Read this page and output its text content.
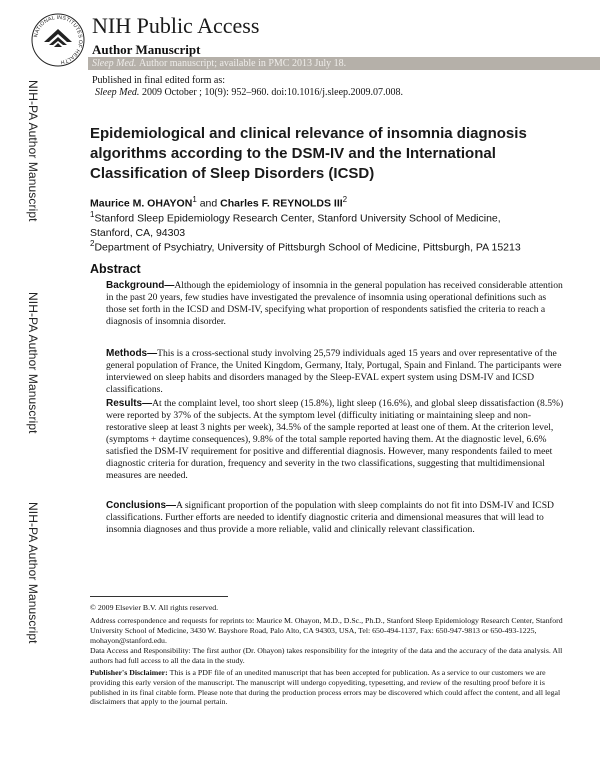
NATIONAL INSTITUTES OF HEALTH
NIH Public Access
Author Manuscript
Sleep Med. Author manuscript; available in PMC 2013 July 18.
Published in final edited form as:
Sleep Med. 2009 October ; 10(9): 952–960. doi:10.1016/j.sleep.2009.07.008.
NIH-PA Author Manuscript
NIH-PA Author Manuscript
NIH-PA Author Manuscript
Epidemiological and clinical relevance of insomnia diagnosis algorithms according to the DSM-IV and the International Classification of Sleep Disorders (ICSD)
Maurice M. OHAYON$^1$ and Charles F. REYNOLDS III$^2$
$^1$Stanford Sleep Epidemiology Research Center, Stanford University School of Medicine, Stanford, CA, 94303
$^2$Department of Psychiatry, University of Pittsburgh School of Medicine, Pittsburgh, PA 15213
Abstract
Background—Although the epidemiology of insomnia in the general population has received considerable attention in the past 20 years, few studies have investigated the prevalence of insomnia using operational definitions such as those set forth in the ICSD and DSM-IV, specifying what proportion of respondents satisfied the criteria to reach a diagnosis of insomnia disorder.
Methods—This is a cross-sectional study involving 25,579 individuals aged 15 years and over representative of the general population of France, the United Kingdom, Germany, Italy, Portugal, Spain and Finland. The participants were interviewed on sleep habits and disorders managed by the Sleep-EVAL expert system using DSM-IV and ICSD classifications.
Results—At the complaint level, too short sleep (15.8%), light sleep (16.6%), and global sleep dissatisfaction (8.5%) were reported by 37% of the subjects. At the symptom level (difficulty initiating or maintaining sleep and non-restorative sleep at least 3 nights per week), 34.5% of the sample reported at least one of them. At the criterion level, (symptoms + daytime consequences), 9.8% of the total sample reported having them. At the diagnostic level, 6.6% satisfied the DSM-IV requirement for positive and differential diagnosis. However, many respondents failed to meet diagnostic criteria for duration, frequency and severity in the two classifications, suggesting that multidimensional measures are needed.
Conclusions—A significant proportion of the population with sleep complaints do not fit into DSM-IV and ICSD classifications. Further efforts are needed to identify diagnostic criteria and dimensional measures that will lead to insomnia diagnoses and thus provide a more reliable, valid and clinically relevant classification.
© 2009 Elsevier B.V. All rights reserved.
Address correspondence and requests for reprints to: Maurice M. Ohayon, M.D., D.Sc., Ph.D., Stanford Sleep Epidemiology Research Center, Stanford University School of Medicine, 3430 W. Bayshore Road, Palo Alto, CA 94303, USA, Tel: 650-494-1137, Fax: 650-947-9813 or 650-493-1225, mohayon@stanford.edu.
Data Access and Responsibility: The first author (Dr. Ohayon) takes responsibility for the integrity of the data and the accuracy of the data analysis. All authors had full access to all the data in the study.
Publisher's Disclaimer: This is a PDF file of an unedited manuscript that has been accepted for publication. As a service to our customers we are providing this early version of the manuscript. The manuscript will undergo copyediting, typesetting, and review of the resulting proof before it is published in its final citable form. Please note that during the production process errors may be discovered which could affect the content, and all legal disclaimers that apply to the journal pertain.
